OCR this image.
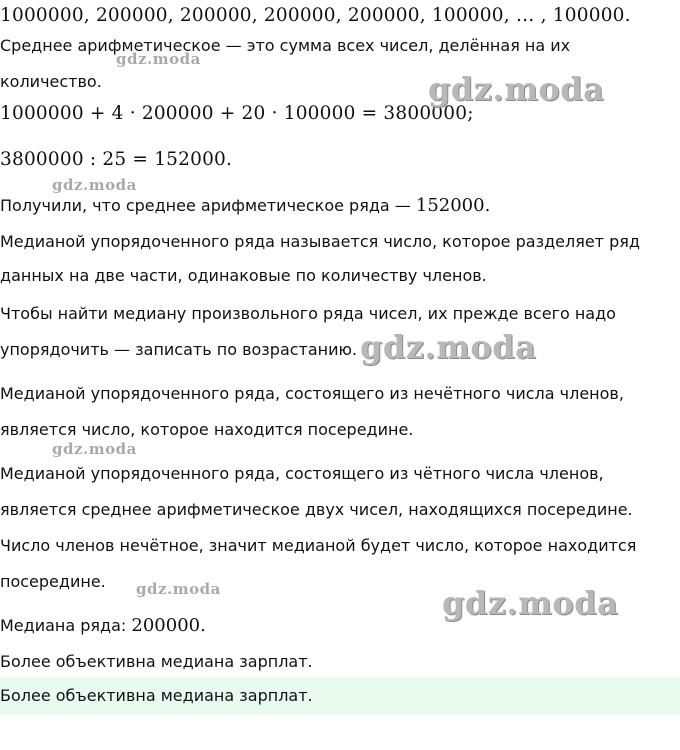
1000000, 200000, 200000, 200000, 200000, 100000, … , 100000.
Среднее арифметическое — это сумма всех чисел, делённая на их
количество.
1000000 + 4 · 200000 + 20 · 100000 = 3800000;
3800000 : 25 = 152000.
Получили, что среднее арифметическое ряда — 152000.
Медианой упорядоченного ряда называется число, которое разделяет ряд
данных на две части, одинаковые по количеству членов.
Чтобы найти медиану произвольного ряда чисел, их прежде всего надо
упорядочить — записать по возрастанию.
Медианой упорядоченного ряда, состоящего из нечётного числа членов,
является число, которое находится посередине.
Медианой упорядоченного ряда, состоящего из чётного числа членов,
является среднее арифметическое двух чисел, находящихся посередине.
Число членов нечётное, значит медианой будет число, которое находится
посередине.
Медиана ряда: 200000.
Более объективна медиана зарплат.
Более объективна медиана зарплат.
gdz.moda
gdz.moda
gdz.moda
gdz.moda
gdz.moda
gdz.moda	gdz.moda
